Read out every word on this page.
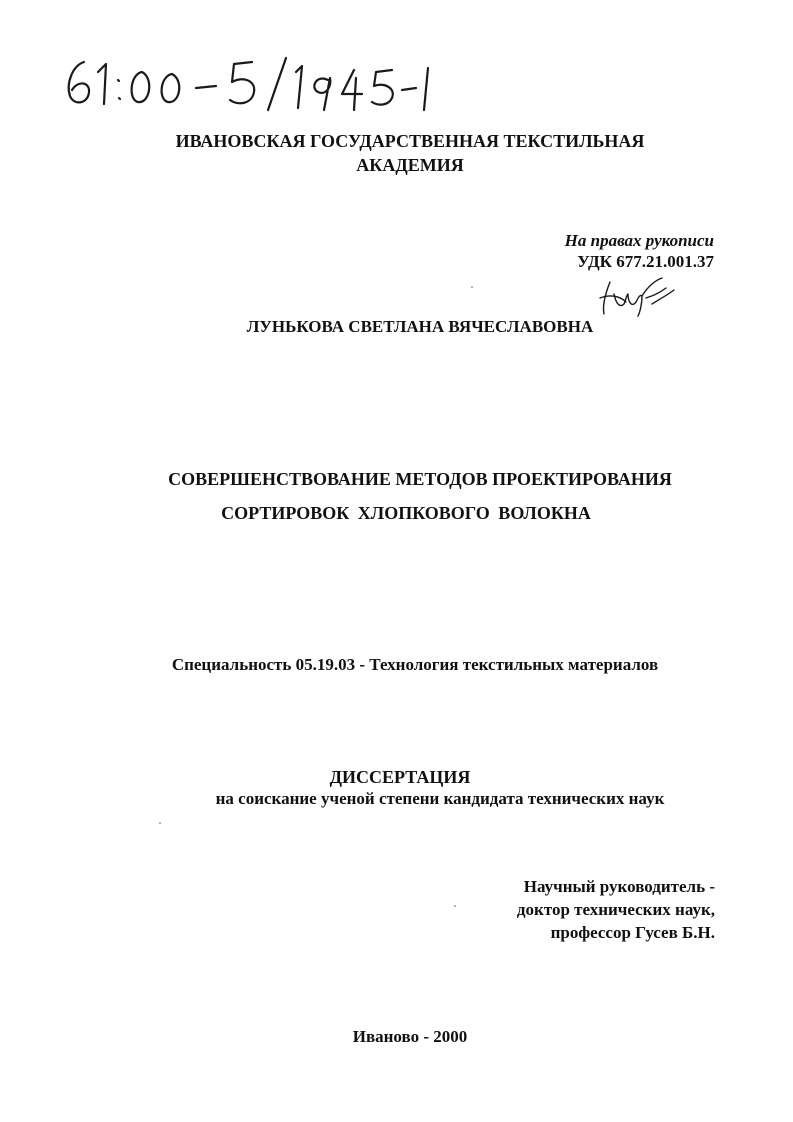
ИВАНОВСКАЯ ГОСУДАРСТВЕННАЯ ТЕКСТИЛЬНАЯ
АКАДЕМИЯ
На правах рукописи
УДК 677.21.001.37
ЛУНЬКОВА СВЕТЛАНА ВЯЧЕСЛАВОВНА
СОВЕРШЕНСТВОВАНИЕ МЕТОДОВ ПРОЕКТИРОВАНИЯ
СОРТИРОВОК ХЛОПКОВОГО ВОЛОКНА
Специальность 05.19.03 - Технология текстильных материалов
ДИССЕРТАЦИЯ
на соискание ученой степени кандидата технических наук
Научный руководитель -
доктор технических наук,
профессор Гусев Б.Н.
Иваново - 2000
